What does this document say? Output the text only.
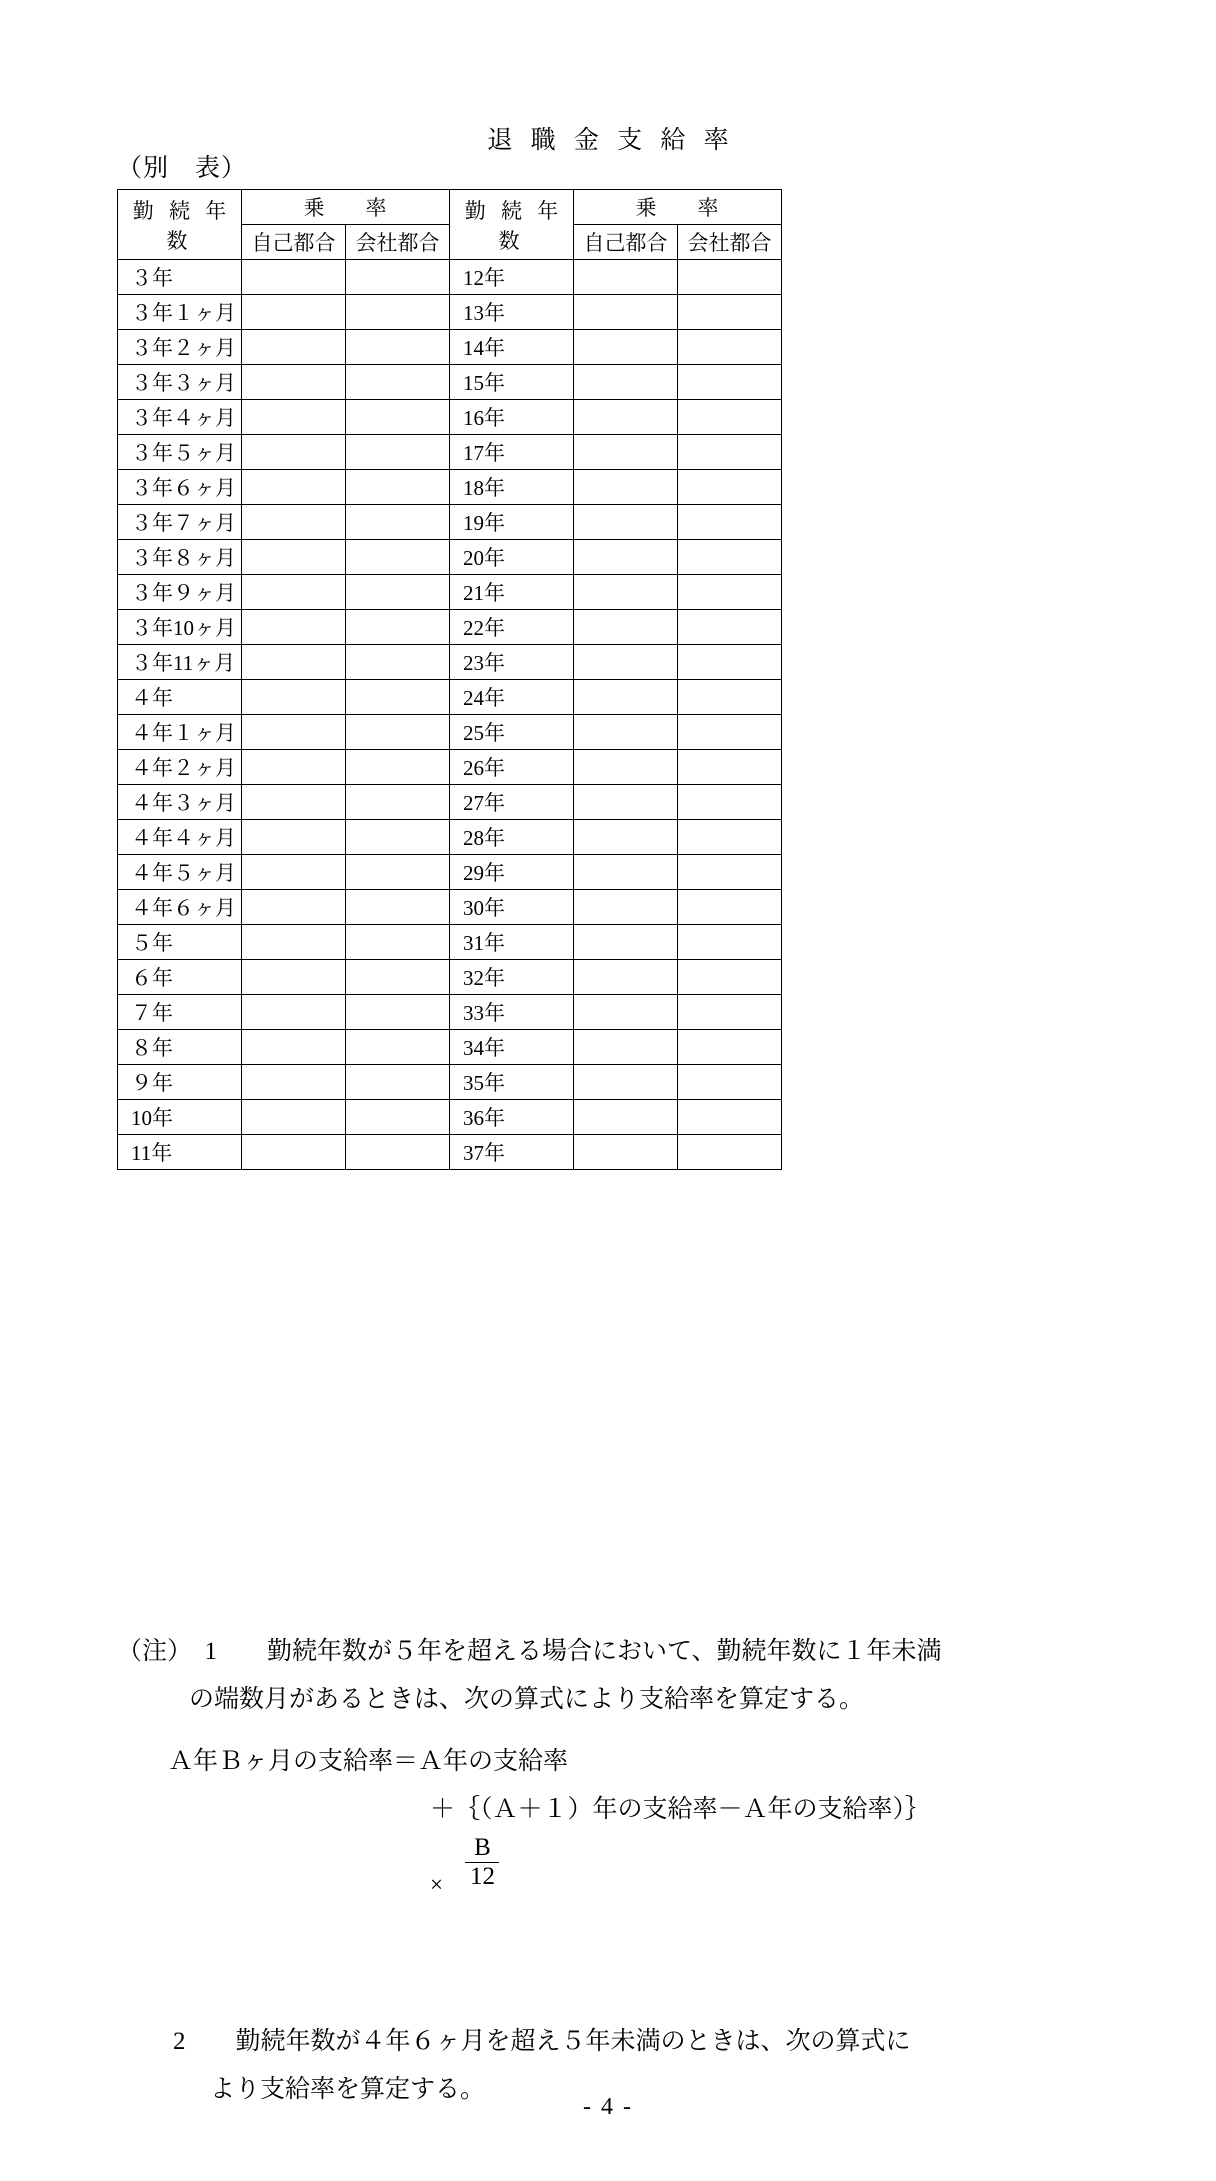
退 職 金 支 給 率
（別　表）
勤 続 年 数	乗 率		勤 続 年 数	乗 率	
	自己都合	会社都合		自己都合	会社都合
３年			12年		
３年１ヶ月			13年		
３年２ヶ月			14年		
３年３ヶ月			15年		
３年４ヶ月			16年		
３年５ヶ月			17年		
３年６ヶ月			18年		
３年７ヶ月			19年		
３年８ヶ月			20年		
３年９ヶ月			21年		
３年10ヶ月			22年		
３年11ヶ月			23年		
４年			24年		
４年１ヶ月			25年		
４年２ヶ月			26年		
４年３ヶ月			27年		
４年４ヶ月			28年		
４年５ヶ月			29年		
４年６ヶ月			30年		
５年			31年		
６年			32年		
７年			33年		
８年			34年		
９年			35年		
10年			36年		
11年			37年		
（注）　1　　勤続年数が５年を超える場合において、勤続年数に１年未満
の端数月があるときは、次の算式により支給率を算定する。
Ａ年Ｂヶ月の支給率＝Ａ年の支給率
＋｛（Ａ＋１）年の支給率－Ａ年の支給率）｝
× $\frac{B}{12}$
2　　勤続年数が４年６ヶ月を超え５年未満のときは、次の算式に
より支給率を算定する。
- 4 -
